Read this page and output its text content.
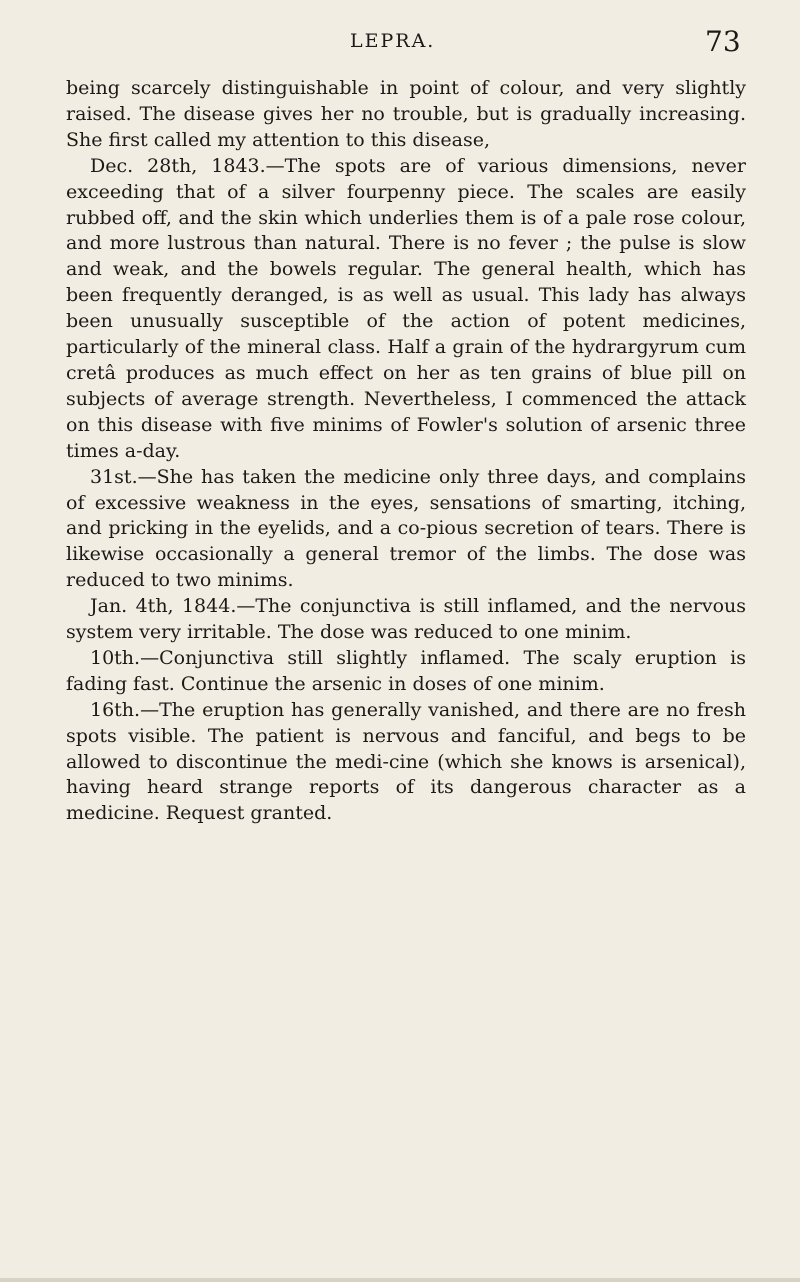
LEPRA.	73

being scarcely distinguishable in point of colour, and very slightly raised. The disease gives her no trouble, but is gradually increasing. She first called my attention to this disease,

Dec. 28th, 1843.—The spots are of various dimensions, never exceeding that of a silver fourpenny piece. The scales are easily rubbed off, and the skin which underlies them is of a pale rose colour, and more lustrous than natural. There is no fever ; the pulse is slow and weak, and the bowels regular. The general health, which has been frequently deranged, is as well as usual. This lady has always been unusually susceptible of the action of potent medicines, particularly of the mineral class. Half a grain of the hydrargyrum cum cretâ produces as much effect on her as ten grains of blue pill on subjects of average strength. Nevertheless, I commenced the attack on this disease with five minims of Fowler's solution of arsenic three times a-day.

31st.—She has taken the medicine only three days, and complains of excessive weakness in the eyes, sensations of smarting, itching, and pricking in the eyelids, and a co-pious secretion of tears. There is likewise occasionally a general tremor of the limbs. The dose was reduced to two minims.

Jan. 4th, 1844.—The conjunctiva is still inflamed, and the nervous system very irritable. The dose was reduced to one minim.

10th.—Conjunctiva still slightly inflamed. The scaly eruption is fading fast. Continue the arsenic in doses of one minim.

16th.—The eruption has generally vanished, and there are no fresh spots visible. The patient is nervous and fanciful, and begs to be allowed to discontinue the medi-cine (which she knows is arsenical), having heard strange reports of its dangerous character as a medicine. Request granted.
